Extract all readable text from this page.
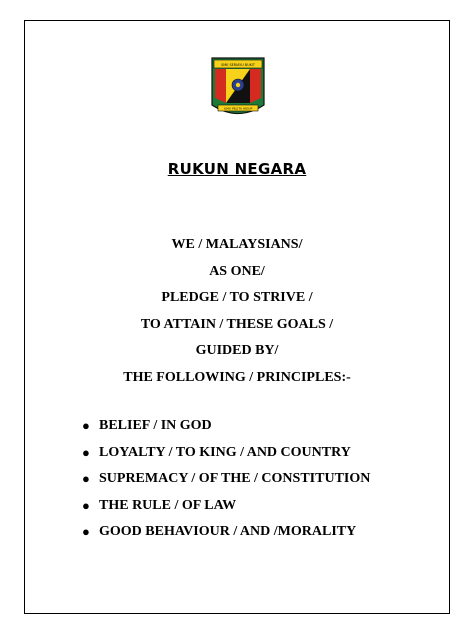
SMK SERIAYU BUKIT
ILMU PELITA HIDUP
RUKUN NEGARA
WE / MALAYSIANS/
AS ONE/
PLEDGE / TO STRIVE /
TO ATTAIN / THESE GOALS /
GUIDED BY/
THE FOLLOWING / PRINCIPLES:-
● BELIEF / IN GOD
● LOYALTY / TO KING / AND COUNTRY
● SUPREMACY / OF THE / CONSTITUTION
● THE RULE / OF LAW
● GOOD BEHAVIOUR / AND /MORALITY
